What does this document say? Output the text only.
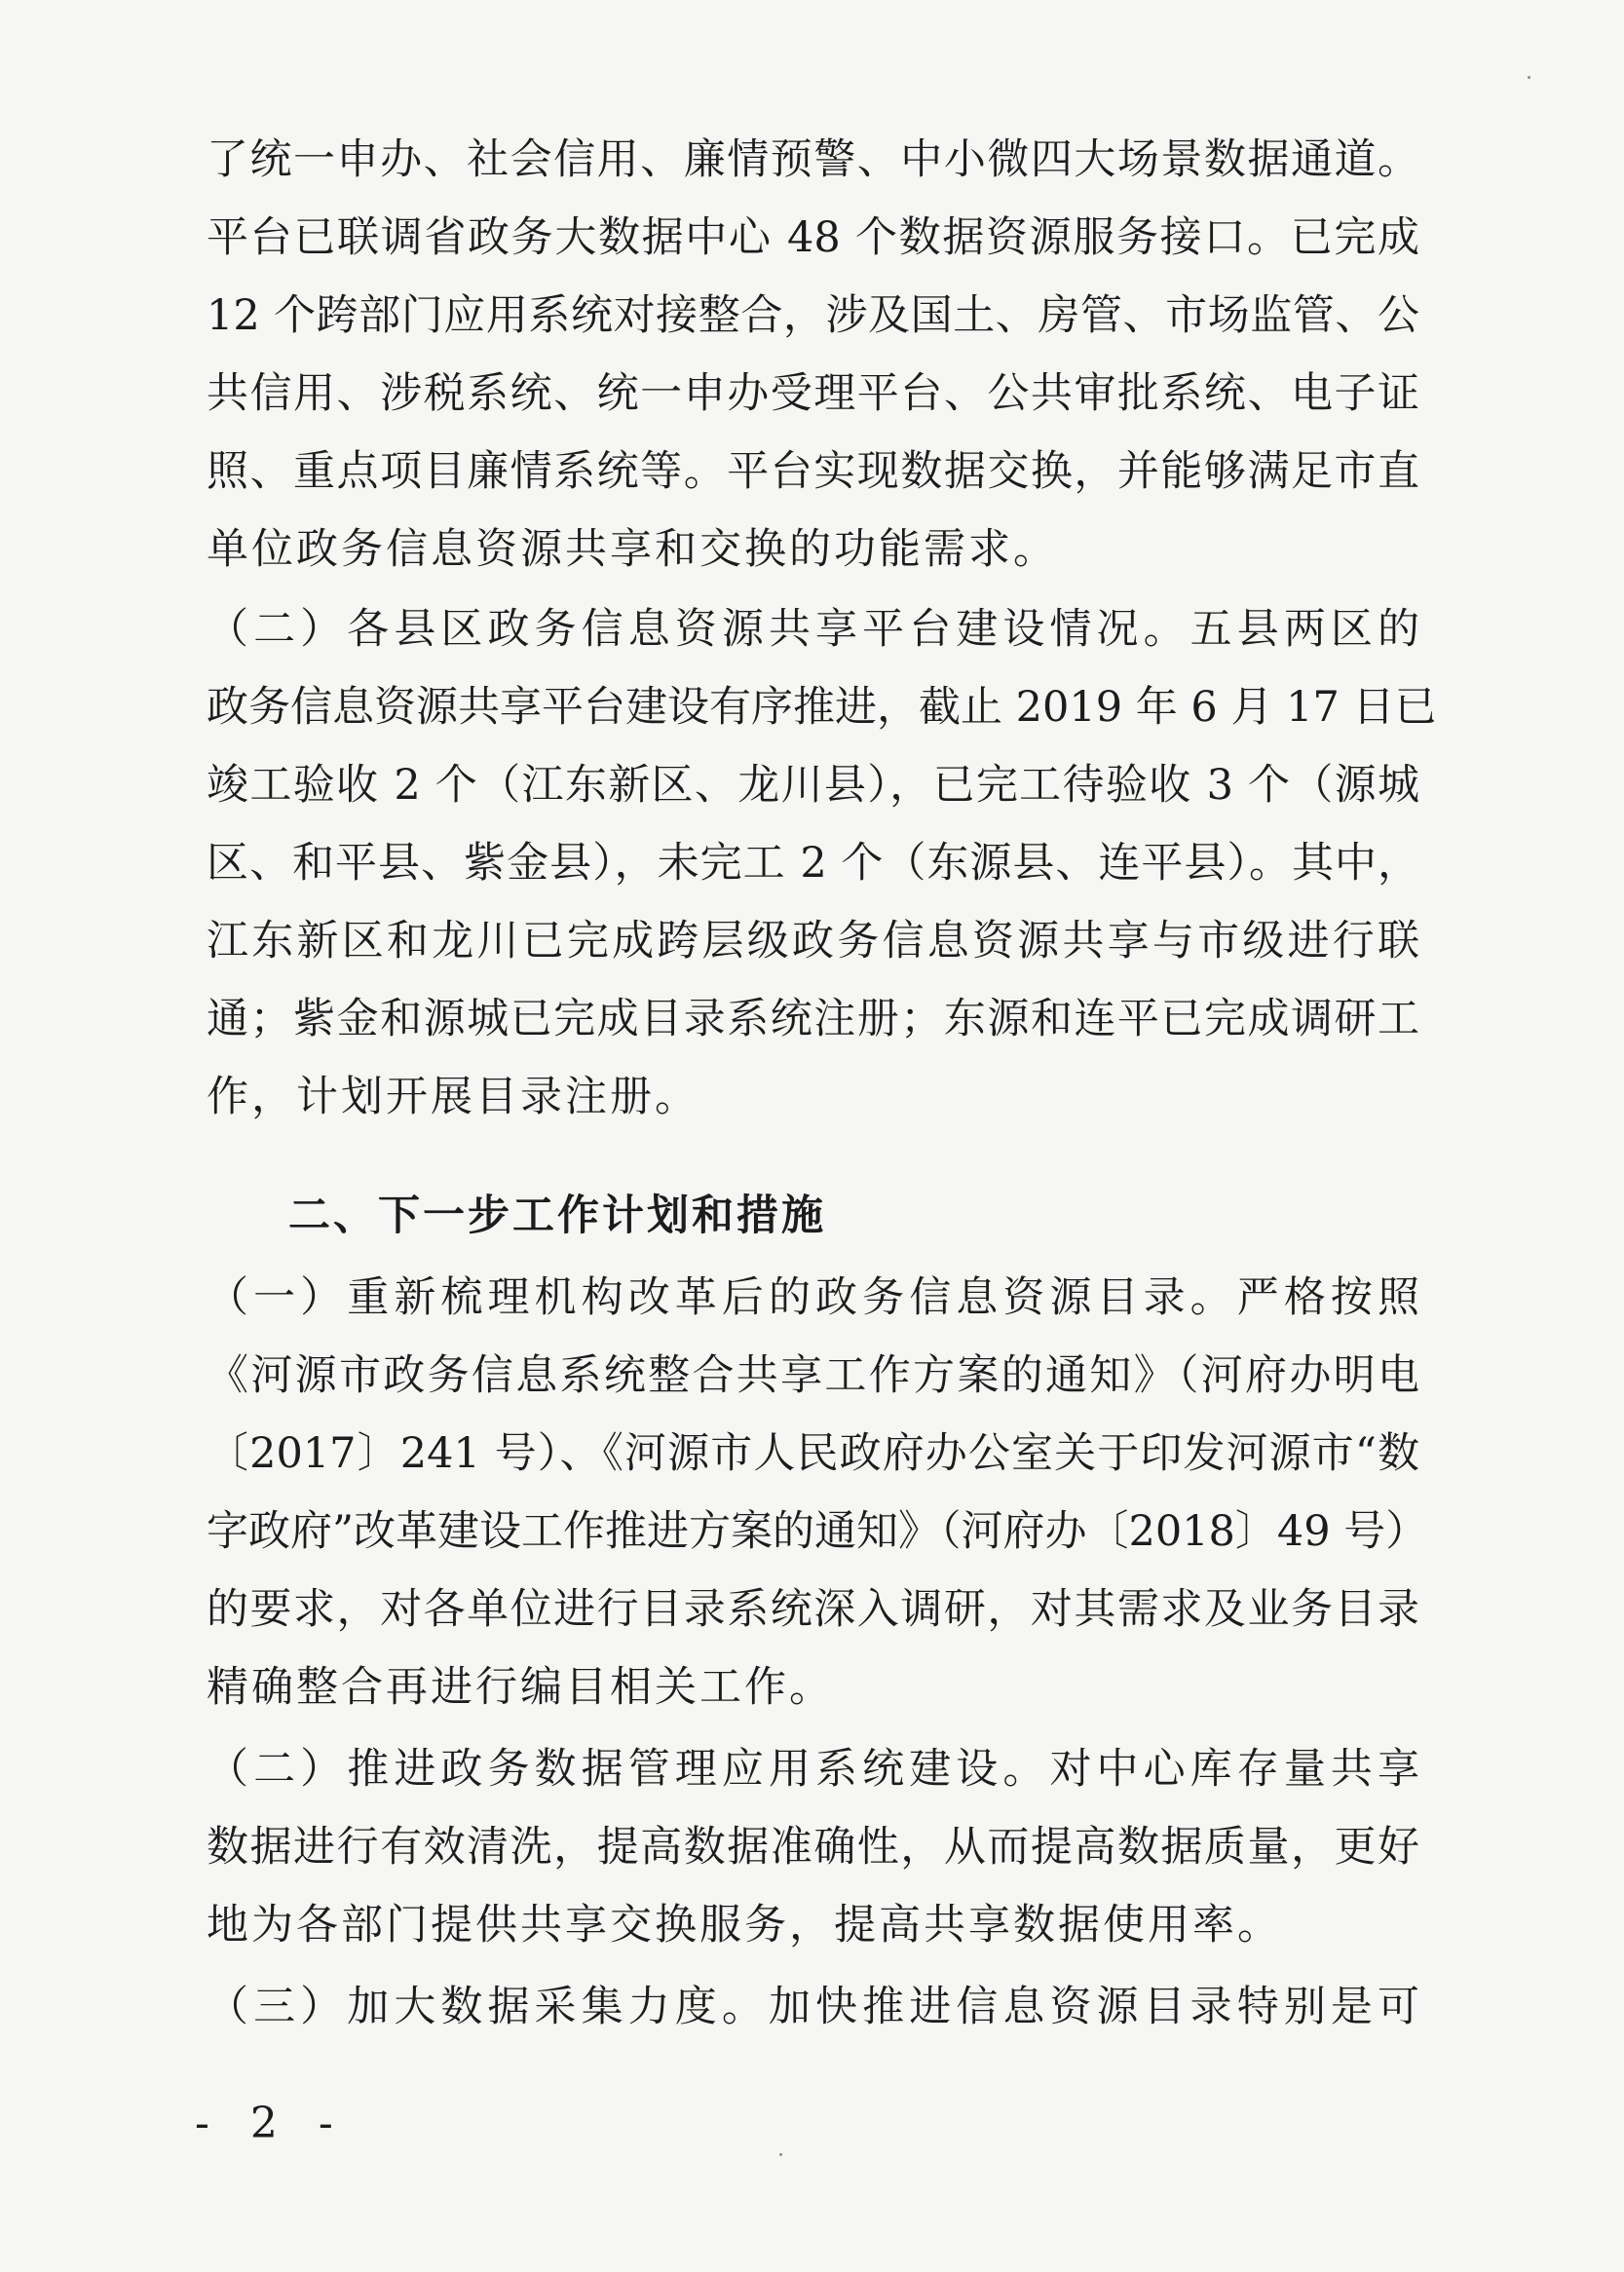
了统一申办、社会信用、廉情预警、中小微四大场景数据通道。
平台已联调省政务大数据中心 48 个数据资源服务接口。已完成
12 个跨部门应用系统对接整合，涉及国土、房管、市场监管、公
共信用、涉税系统、统一申办受理平台、公共审批系统、电子证
照、重点项目廉情系统等。平台实现数据交换，并能够满足市直
单位政务信息资源共享和交换的功能需求。
（二）各县区政务信息资源共享平台建设情况。五县两区的
政务信息资源共享平台建设有序推进，截止 2019 年 6 月 17 日已
竣工验收 2 个（江东新区、龙川县），已完工待验收 3 个（源城
区、和平县、紫金县），未完工 2 个（东源县、连平县）。其中，
江东新区和龙川已完成跨层级政务信息资源共享与市级进行联
通；紫金和源城已完成目录系统注册；东源和连平已完成调研工
作，计划开展目录注册。
二、下一步工作计划和措施
（一）重新梳理机构改革后的政务信息资源目录。严格按照
《河源市政务信息系统整合共享工作方案的通知》（河府办明电
〔2017〕241 号）、《河源市人民政府办公室关于印发河源市“数
字政府”改革建设工作推进方案的通知》（河府办〔2018〕49 号）
的要求，对各单位进行目录系统深入调研，对其需求及业务目录
精确整合再进行编目相关工作。
（二）推进政务数据管理应用系统建设。对中心库存量共享
数据进行有效清洗，提高数据准确性，从而提高数据质量，更好
地为各部门提供共享交换服务，提高共享数据使用率。
（三）加大数据采集力度。加快推进信息资源目录特别是可
- 2 -
